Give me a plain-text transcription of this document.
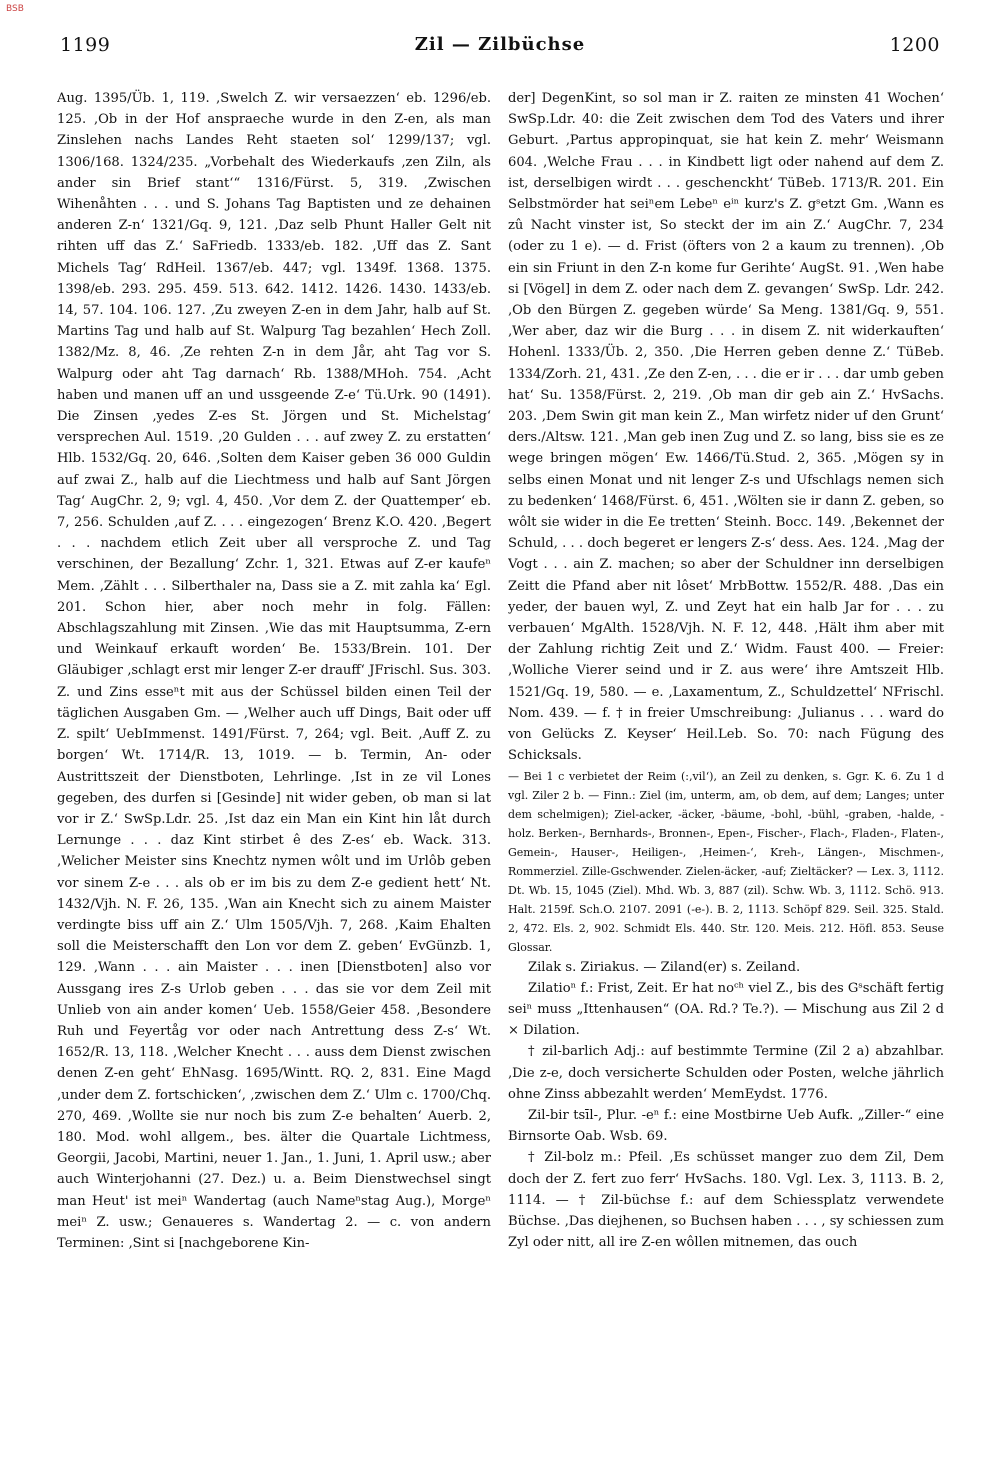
BSB
1199	Zil — Zilbüchse	1200

Aug. 1395/Üb. 1, 119. ‚Swelch Z. wir versaezzen‘ eb. 1296/eb. 125. ‚Ob in der Hof anspraeche wurde in den Z-en, als man Zinslehen nachs Landes Reht staeten sol‘ 1299/137; vgl. 1306/168. 1324/235. „Vorbehalt des Wiederkaufs ‚zen Ziln, als ander sin Brief stant‘“ 1316/Fürst. 5, 319. ‚Zwischen Wihenåhten . . . und S. Johans Tag Baptisten und ze dehainen anderen Z-n‘ 1321/Gq. 9, 121. ‚Daz selb Phunt Haller Gelt nit rihten uff das Z.‘ SaFriedb. 1333/eb. 182. ‚Uff das Z. Sant Michels Tag‘ RdHeil. 1367/eb. 447; vgl. 1349f. 1368. 1375. 1398/eb. 293. 295. 459. 513. 642. 1412. 1426. 1430. 1433/eb. 14, 57. 104. 106. 127. ‚Zu zweyen Z-en in dem Jahr, halb auf St. Martins Tag und halb auf St. Walpurg Tag bezahlen‘ Hech Zoll. 1382/Mz. 8, 46. ‚Ze rehten Z-n in dem Jår, aht Tag vor S. Walpurg oder aht Tag darnach‘ Rb. 1388/MHoh. 754. ‚Acht haben und manen uff an und ussgeende Z-e‘ Tü.Urk. 90 (1491). Die Zinsen ‚yedes Z-es St. Jörgen und St. Michelstag‘ versprechen Aul. 1519. ‚20 Gulden . . . auf zwey Z. zu erstatten‘ Hlb. 1532/Gq. 20, 646. ‚Solten dem Kaiser geben 36 000 Guldin auf zwai Z., halb auf die Liechtmess und halb auf Sant Jörgen Tag‘ AugChr. 2, 9; vgl. 4, 450. ‚Vor dem Z. der Quattemper‘ eb. 7, 256. Schulden ‚auf Z. . . . eingezogen‘ Brenz K.O. 420. ‚Begert . . . nachdem etlich Zeit uber all versproche Z. und Tag verschinen, der Bezallung‘ Zchr. 1, 321. Etwas auf Z-er kaufeⁿ Mem. ‚Zählt . . . Silberthaler na, Dass sie a Z. mit zahla ka‘ Egl. 201. Schon hier, aber noch mehr in folg. Fällen: Abschlagszahlung mit Zinsen. ‚Wie das mit Hauptsumma, Z-ern und Weinkauf erkauft worden‘ Be. 1533/Brein. 101. Der Gläubiger ‚schlagt erst mir lenger Z-er drauff‘ JFrischl. Sus. 303. Z. und Zins esseⁿt mit aus der Schüssel bilden einen Teil der täglichen Ausgaben Gm. — ‚Welher auch uff Dings, Bait oder uff Z. spilt‘ UebImmenst. 1491/Fürst. 7, 264; vgl. Beit. ‚Auff Z. zu borgen‘ Wt. 1714/R. 13, 1019. — b. Termin, An- oder Austrittszeit der Dienstboten, Lehrlinge. ‚Ist in ze vil Lones gegeben, des durfen si [Gesinde] nit wider geben, ob man si lat vor ir Z.‘ SwSp.Ldr. 25. ‚Ist daz ein Man ein Kint hin låt durch Lernunge . . . daz Kint stirbet ê des Z-es‘ eb. Wack. 313. ‚Welicher Meister sins Knechtz nymen wôlt und im Urlôb geben vor sinem Z-e . . . als ob er im bis zu dem Z-e gedient hett‘ Nt. 1432/Vjh. N. F. 26, 135. ‚Wan ain Knecht sich zu ainem Maister verdingte biss uff ain Z.‘ Ulm 1505/Vjh. 7, 268. ‚Kaim Ehalten soll die Meisterschafft den Lon vor dem Z. geben‘ EvGünzb. 1, 129. ‚Wann . . . ain Maister . . . inen [Dienstboten] also vor Aussgang ires Z-s Urlob geben . . . das sie vor dem Zeil mit Unlieb von ain ander komen‘ Ueb. 1558/Geier 458. ‚Besondere Ruh und Feyertåg vor oder nach Antrettung dess Z-s‘ Wt. 1652/R. 13, 118. ‚Welcher Knecht . . . auss dem Dienst zwischen denen Z-en geht‘ EhNasg. 1695/Wintt. RQ. 2, 831. Eine Magd ‚under dem Z. fortschicken‘, ‚zwischen dem Z.‘ Ulm c. 1700/Chq. 270, 469. ‚Wollte sie nur noch bis zum Z-e behalten‘ Auerb. 2, 180. Mod. wohl allgem., bes. älter die Quartale Lichtmess, Georgii, Jacobi, Martini, neuer 1. Jan., 1. Juni, 1. April usw.; aber auch Winterjohanni (27. Dez.) u. a. Beim Dienstwechsel singt man Heut' ist meiⁿ Wandertag (auch Nameⁿstag Aug.), Morgeⁿ meiⁿ Z. usw.; Genaueres s. Wandertag 2. — c. von andern Terminen: ‚Sint si [nachgeborene Kin-

der] DegenKint, so sol man ir Z. raiten ze minsten 41 Wochen‘ SwSp.Ldr. 40: die Zeit zwischen dem Tod des Vaters und ihrer Geburt. ‚Partus appropinquat, sie hat kein Z. mehr‘ Weismann 604. ‚Welche Frau . . . in Kindbett ligt oder nahend auf dem Z. ist, derselbigen wirdt . . . geschenckht‘ TüBeb. 1713/R. 201. Ein Selbstmörder hat seiⁿem Lebeⁿ eⁱⁿ kurz's Z. gˢetzt Gm. ‚Wann es zû Nacht vinster ist, So steckt der im ain Z.‘ AugChr. 7, 234 (oder zu 1 e). — d. Frist (öfters von 2 a kaum zu trennen). ‚Ob ein sin Friunt in den Z-n kome fur Gerihte‘ AugSt. 91. ‚Wen habe si [Vögel] in dem Z. oder nach dem Z. gevangen‘ SwSp. Ldr. 242. ‚Ob den Bürgen Z. gegeben würde‘ Sa Meng. 1381/Gq. 9, 551. ‚Wer aber, daz wir die Burg . . . in disem Z. nit widerkauften‘ Hohenl. 1333/Üb. 2, 350. ‚Die Herren geben denne Z.‘ TüBeb. 1334/Zorh. 21, 431. ‚Ze den Z-en, . . . die er ir . . . dar umb geben hat‘ Su. 1358/Fürst. 2, 219. ‚Ob man dir geb ain Z.‘ HvSachs. 203. ‚Dem Swin git man kein Z., Man wirfetz nider uf den Grunt‘ ders./Altsw. 121. ‚Man geb inen Zug und Z. so lang, biss sie es ze wege bringen mögen‘ Ew. 1466/Tü.Stud. 2, 365. ‚Mögen sy in selbs einen Monat und nit lenger Z-s und Ufschlags nemen sich zu bedenken‘ 1468/Fürst. 6, 451. ‚Wölten sie ir dann Z. geben, so wôlt sie wider in die Ee tretten‘ Steinh. Bocc. 149. ‚Bekennet der Schuld, . . . doch begeret er lengers Z-s‘ dess. Aes. 124. ‚Mag der Vogt . . . ain Z. machen; so aber der Schuldner inn derselbigen Zeitt die Pfand aber nit lôset‘ MrbBottw. 1552/R. 488. ‚Das ein yeder, der bauen wyl, Z. und Zeyt hat ein halb Jar for . . . zu verbauen‘ MgAlth. 1528/Vjh. N. F. 12, 448. ‚Hält ihm aber mit der Zahlung richtig Zeit und Z.‘ Widm. Faust 400. — Freier: ‚Wolliche Vierer seind und ir Z. aus were‘ ihre Amtszeit Hlb. 1521/Gq. 19, 580. — e. ‚Laxamentum, Z., Schuldzettel‘ NFrischl. Nom. 439. — f. † in freier Umschreibung: ‚Julianus . . . ward do von Gelücks Z. Keyser‘ Heil.Leb. So. 70: nach Fügung des Schicksals.

— Bei 1 c verbietet der Reim (:‚vil‘), an Zeil zu denken, s. Ggr. K. 6. Zu 1 d vgl. Ziler 2 b. — Finn.: Ziel (im, unterm, am, ob dem, auf dem; Langes; unter dem schelmigen); Ziel-acker, -äcker, -bäume, -bohl, -bühl, -graben, -halde, -holz. Berken-, Bernhards-, Bronnen-, Epen-, Fischer-, Flach-, Fladen-, Flaten-, Gemein-, Hauser-, Heiligen-, ‚Heimen-‘, Kreh-, Längen-, Mischmen-, Rommerziel. Zille-Gschwender. Zielen-äcker, -auf; Zieltäcker? — Lex. 3, 1112. Dt. Wb. 15, 1045 (Ziel). Mhd. Wb. 3, 887 (zil). Schw. Wb. 3, 1112. Schö. 913. Halt. 2159f. Sch.O. 2107. 2091 (-e-). B. 2, 1113. Schöpf 829. Seil. 325. Stald. 2, 472. Els. 2, 902. Schmidt Els. 440. Str. 120. Meis. 212. Höfl. 853. Seuse Glossar.

Zilak s. Ziriakus. — Ziland(er) s. Zeiland.

Zilatioⁿ f.: Frist, Zeit. Er hat noᶜʰ viel Z., bis des Gˢschäft fertig seiⁿ muss „Ittenhausen“ (OA. Rd.? Te.?). — Mischung aus Zil 2 d × Dilation.

† zil-barlich Adj.: auf bestimmte Termine (Zil 2 a) abzahlbar. ‚Die z-e, doch versicherte Schulden oder Posten, welche jährlich ohne Zinss abbezahlt werden‘ MemEydst. 1776.

Zil-bir tsīl-, Plur. -eⁿ f.: eine Mostbirne Ueb Aufk. „Ziller-“ eine Birnsorte Oab. Wsb. 69.

† Zil-bolz m.: Pfeil. ‚Es schüsset manger zuo dem Zil, Dem doch der Z. fert zuo ferr‘ HvSachs. 180. Vgl. Lex. 3, 1113. B. 2, 1114. — † Zil-büchse f.: auf dem Schiessplatz verwendete Büchse. ‚Das diejhenen, so Buchsen haben . . . , sy schiessen zum Zyl oder nitt, all ire Z-en wôllen mitnemen, das ouch
